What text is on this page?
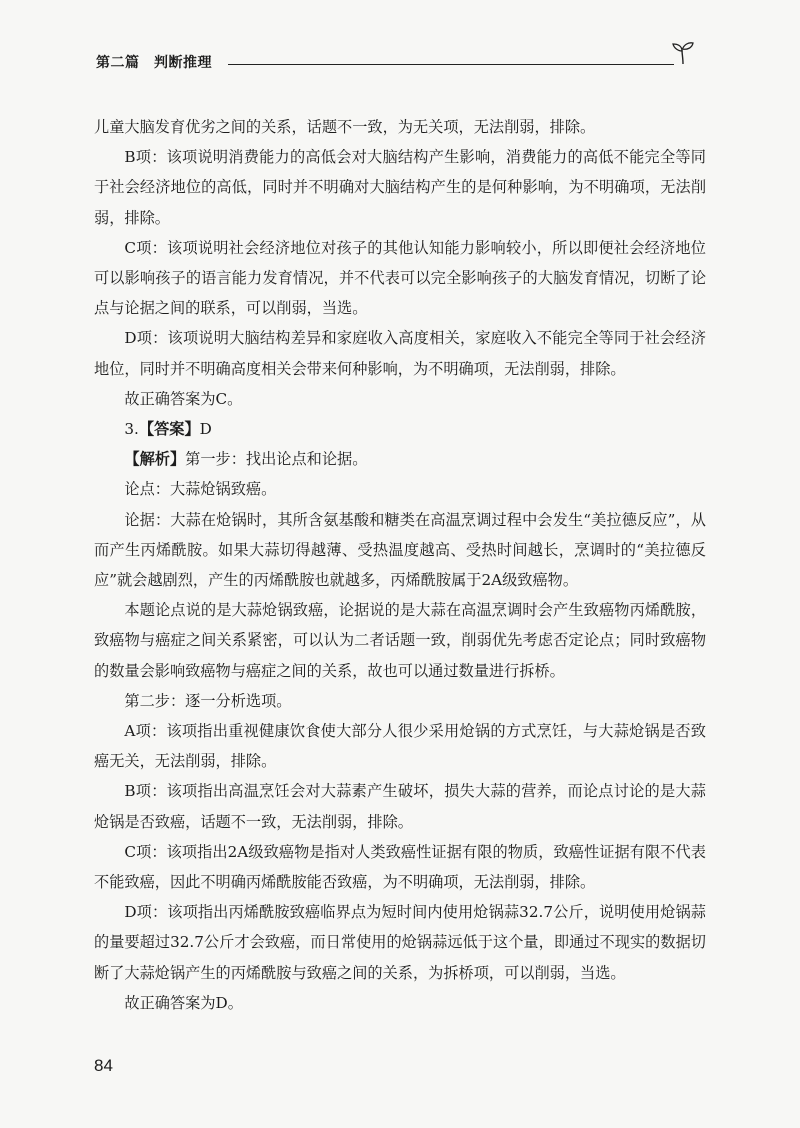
第二篇　判断推理

儿童大脑发育优劣之间的关系，话题不一致，为无关项，无法削弱，排除。

B项：该项说明消费能力的高低会对大脑结构产生影响，消费能力的高低不能完全等同于社会经济地位的高低，同时并不明确对大脑结构产生的是何种影响，为不明确项，无法削弱，排除。

C项：该项说明社会经济地位对孩子的其他认知能力影响较小，所以即便社会经济地位可以影响孩子的语言能力发育情况，并不代表可以完全影响孩子的大脑发育情况，切断了论点与论据之间的联系，可以削弱，当选。

D项：该项说明大脑结构差异和家庭收入高度相关，家庭收入不能完全等同于社会经济地位，同时并不明确高度相关会带来何种影响，为不明确项，无法削弱，排除。

故正确答案为C。

3.【答案】D

【解析】第一步：找出论点和论据。

论点：大蒜炝锅致癌。

论据：大蒜在炝锅时，其所含氨基酸和糖类在高温烹调过程中会发生“美拉德反应”，从而产生丙烯酰胺。如果大蒜切得越薄、受热温度越高、受热时间越长，烹调时的“美拉德反应”就会越剧烈，产生的丙烯酰胺也就越多，丙烯酰胺属于2A级致癌物。

本题论点说的是大蒜炝锅致癌，论据说的是大蒜在高温烹调时会产生致癌物丙烯酰胺，致癌物与癌症之间关系紧密，可以认为二者话题一致，削弱优先考虑否定论点；同时致癌物的数量会影响致癌物与癌症之间的关系，故也可以通过数量进行拆桥。

第二步：逐一分析选项。

A项：该项指出重视健康饮食使大部分人很少采用炝锅的方式烹饪，与大蒜炝锅是否致癌无关，无法削弱，排除。

B项：该项指出高温烹饪会对大蒜素产生破坏，损失大蒜的营养，而论点讨论的是大蒜炝锅是否致癌，话题不一致，无法削弱，排除。

C项：该项指出2A级致癌物是指对人类致癌性证据有限的物质，致癌性证据有限不代表不能致癌，因此不明确丙烯酰胺能否致癌，为不明确项，无法削弱，排除。

D项：该项指出丙烯酰胺致癌临界点为短时间内使用炝锅蒜32.7公斤，说明使用炝锅蒜的量要超过32.7公斤才会致癌，而日常使用的炝锅蒜远低于这个量，即通过不现实的数据切断了大蒜炝锅产生的丙烯酰胺与致癌之间的关系，为拆桥项，可以削弱，当选。

故正确答案为D。

84
